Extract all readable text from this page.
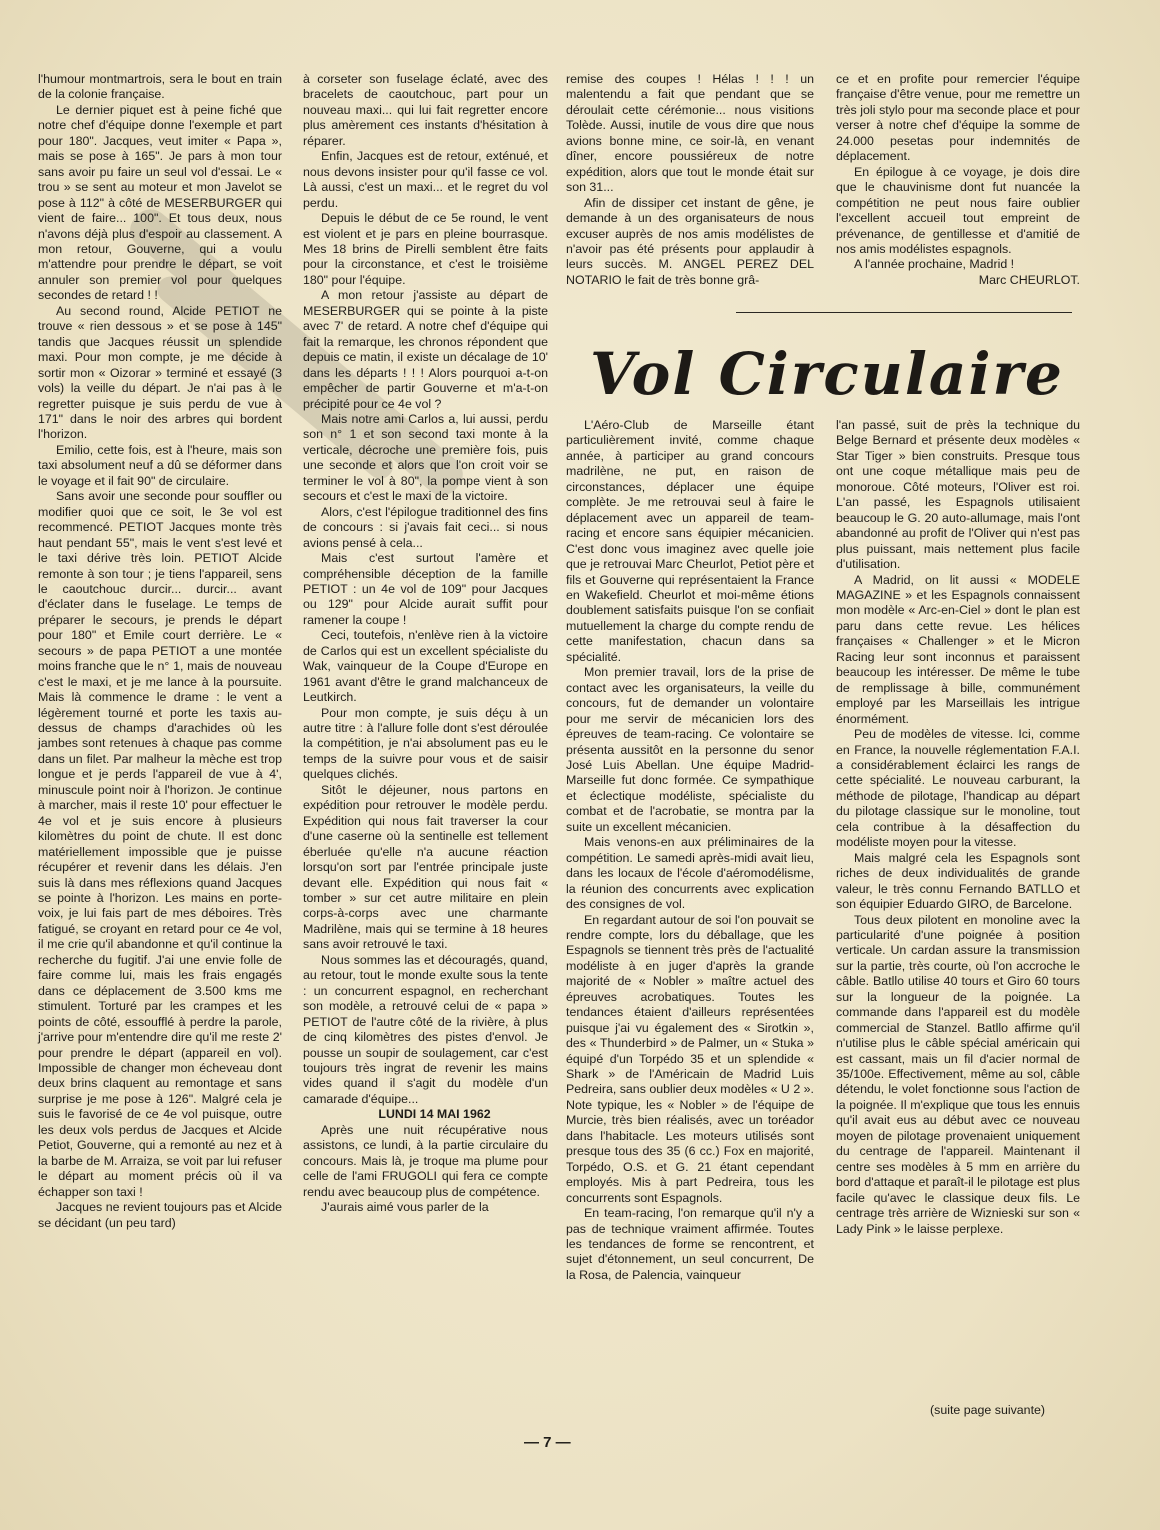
l'humour montmartrois, sera le bout en train de la colonie française.

Le dernier piquet est à peine fiché que notre chef d'équipe donne l'exemple et part pour 180". Jacques, veut imiter « Papa », mais se pose à 165". Je pars à mon tour sans avoir pu faire un seul vol d'essai. Le « trou » se sent au moteur et mon Javelot se pose à 112" à côté de MESERBURGER qui vient de faire... 100". Et tous deux, nous n'avons déjà plus d'espoir au classement. A mon retour, Gouverne, qui a voulu m'attendre pour prendre le départ, se voit annuler son premier vol pour quelques secondes de retard ! !

Au second round, Alcide PETIOT ne trouve « rien dessous » et se pose à 145" tandis que Jacques réussit un splendide maxi. Pour mon compte, je me décide à sortir mon « Oizorar » terminé et essayé (3 vols) la veille du départ. Je n'ai pas à le regretter puisque je suis perdu de vue à 171" dans le noir des arbres qui bordent l'horizon.

Emilio, cette fois, est à l'heure, mais son taxi absolument neuf a dû se déformer dans le voyage et il fait 90" de circulaire.

Sans avoir une seconde pour souffler ou modifier quoi que ce soit, le 3e vol est recommencé. PETIOT Jacques monte très haut pendant 55", mais le vent s'est levé et le taxi dérive très loin. PETIOT Alcide remonte à son tour ; je tiens l'appareil, sens le caoutchouc durcir... durcir... avant d'éclater dans le fuselage. Le temps de préparer le secours, je prends le départ pour 180" et Emile court derrière. Le « secours » de papa PETIOT a une montée moins franche que le n° 1, mais de nouveau c'est le maxi, et je me lance à la poursuite. Mais là commence le drame : le vent a légèrement tourné et porte les taxis au-dessus de champs d'arachides où les jambes sont retenues à chaque pas comme dans un filet. Par malheur la mèche est trop longue et je perds l'appareil de vue à 4', minuscule point noir à l'horizon. Je continue à marcher, mais il reste 10' pour effectuer le 4e vol et je suis encore à plusieurs kilomètres du point de chute. Il est donc matériellement impossible que je puisse récupérer et revenir dans les délais. J'en suis là dans mes réflexions quand Jacques se pointe à l'horizon. Les mains en porte-voix, je lui fais part de mes déboires. Très fatigué, se croyant en retard pour ce 4e vol, il me crie qu'il abandonne et qu'il continue la recherche du fugitif. J'ai une envie folle de faire comme lui, mais les frais engagés dans ce déplacement de 3.500 kms me stimulent. Torturé par les crampes et les points de côté, essoufflé à perdre la parole, j'arrive pour m'entendre dire qu'il me reste 2' pour prendre le départ (appareil en vol). Impossible de changer mon écheveau dont deux brins claquent au remontage et sans surprise je me pose à 126". Malgré cela je suis le favorisé de ce 4e vol puisque, outre les deux vols perdus de Jacques et Alcide Petiot, Gouverne, qui a remonté au nez et à la barbe de M. Arraiza, se voit par lui refuser le départ au moment précis où il va échapper son taxi !

Jacques ne revient toujours pas et Alcide se décidant (un peu tard)

à corseter son fuselage éclaté, avec des bracelets de caoutchouc, part pour un nouveau maxi... qui lui fait regretter encore plus amèrement ces instants d'hésitation à réparer.

Enfin, Jacques est de retour, exténué, et nous devons insister pour qu'il fasse ce vol. Là aussi, c'est un maxi... et le regret du vol perdu.

Depuis le début de ce 5e round, le vent est violent et je pars en pleine bourrasque. Mes 18 brins de Pirelli semblent être faits pour la circonstance, et c'est le troisième 180" pour l'équipe.

A mon retour j'assiste au départ de MESERBURGER qui se pointe à la piste avec 7' de retard. A notre chef d'équipe qui fait la remarque, les chronos répondent que depuis ce matin, il existe un décalage de 10' dans les départs ! ! ! Alors pourquoi a-t-on empêcher de partir Gouverne et m'a-t-on précipité pour ce 4e vol ?

Mais notre ami Carlos a, lui aussi, perdu son n° 1 et son second taxi monte à la verticale, décroche une première fois, puis une seconde et alors que l'on croit voir se terminer le vol à 80", la pompe vient à son secours et c'est le maxi de la victoire.

Alors, c'est l'épilogue traditionnel des fins de concours : si j'avais fait ceci... si nous avions pensé à cela...

Mais c'est surtout l'amère et compréhensible déception de la famille PETIOT : un 4e vol de 109" pour Jacques ou 129" pour Alcide aurait suffit pour ramener la coupe !

Ceci, toutefois, n'enlève rien à la victoire de Carlos qui est un excellent spécialiste du Wak, vainqueur de la Coupe d'Europe en 1961 avant d'être le grand malchanceux de Leutkirch.

Pour mon compte, je suis déçu à un autre titre : à l'allure folle dont s'est déroulée la compétition, je n'ai absolument pas eu le temps de la suivre pour vous et de saisir quelques clichés.

Sitôt le déjeuner, nous partons en expédition pour retrouver le modèle perdu. Expédition qui nous fait traverser la cour d'une caserne où la sentinelle est tellement éberluée qu'elle n'a aucune réaction lorsqu'on sort par l'entrée principale juste devant elle. Expédition qui nous fait « tomber » sur cet autre militaire en plein corps-à-corps avec une charmante Madrilène, mais qui se termine à 18 heures sans avoir retrouvé le taxi.

Nous sommes las et découragés, quand, au retour, tout le monde exulte sous la tente : un concurrent espagnol, en recherchant son modèle, a retrouvé celui de « papa » PETIOT de l'autre côté de la rivière, à plus de cinq kilomètres des pistes d'envol. Je pousse un soupir de soulagement, car c'est toujours très ingrat de revenir les mains vides quand il s'agit du modèle d'un camarade d'équipe...

LUNDI 14 MAI 1962

Après une nuit récupérative nous assistons, ce lundi, à la partie circulaire du concours. Mais là, je troque ma plume pour celle de l'ami FRUGOLI qui fera ce compte rendu avec beaucoup plus de compétence.

J'aurais aimé vous parler de la

remise des coupes ! Hélas ! ! ! un malentendu a fait que pendant que se déroulait cette cérémonie... nous visitions Tolède. Aussi, inutile de vous dire que nous avions bonne mine, ce soir-là, en venant dîner, encore poussiéreux de notre expédition, alors que tout le monde était sur son 31...

Afin de dissiper cet instant de gêne, je demande à un des organisateurs de nous excuser auprès de nos amis modélistes de n'avoir pas été présents pour applaudir à leurs succès. M. ANGEL PEREZ DEL NOTARIO le fait de très bonne grâ-

ce et en profite pour remercier l'équipe française d'être venue, pour me remettre un très joli stylo pour ma seconde place et pour verser à notre chef d'équipe la somme de 24.000 pesetas pour indemnités de déplacement.

En épilogue à ce voyage, je dois dire que le chauvinisme dont fut nuancée la compétition ne peut nous faire oublier l'excellent accueil tout empreint de prévenance, de gentillesse et d'amitié de nos amis modélistes espagnols.

A l'année prochaine, Madrid !

Marc CHEURLOT.

Vol Circulaire

L'Aéro-Club de Marseille étant particulièrement invité, comme chaque année, à participer au grand concours madrilène, ne put, en raison de circonstances, déplacer une équipe complète. Je me retrouvai seul à faire le déplacement avec un appareil de team-racing et encore sans équipier mécanicien. C'est donc vous imaginez avec quelle joie que je retrouvai Marc Cheurlot, Petiot père et fils et Gouverne qui représentaient la France en Wakefield. Cheurlot et moi-même étions doublement satisfaits puisque l'on se confiait mutuellement la charge du compte rendu de cette manifestation, chacun dans sa spécialité.

Mon premier travail, lors de la prise de contact avec les organisateurs, la veille du concours, fut de demander un volontaire pour me servir de mécanicien lors des épreuves de team-racing. Ce volontaire se présenta aussitôt en la personne du senor José Luis Abellan. Une équipe Madrid-Marseille fut donc formée. Ce sympathique et éclectique modéliste, spécialiste du combat et de l'acrobatie, se montra par la suite un excellent mécanicien.

Mais venons-en aux préliminaires de la compétition. Le samedi après-midi avait lieu, dans les locaux de l'école d'aéromodélisme, la réunion des concurrents avec explication des consignes de vol.

En regardant autour de soi l'on pouvait se rendre compte, lors du déballage, que les Espagnols se tiennent très près de l'actualité modéliste à en juger d'après la grande majorité de « Nobler » maître actuel des épreuves acrobatiques. Toutes les tendances étaient d'ailleurs représentées puisque j'ai vu également des « Sirotkin », des « Thunderbird » de Palmer, un « Stuka » équipé d'un Torpédo 35 et un splendide « Shark » de l'Américain de Madrid Luis Pedreira, sans oublier deux modèles « U 2 ». Note typique, les « Nobler » de l'équipe de Murcie, très bien réalisés, avec un toréador dans l'habitacle. Les moteurs utilisés sont presque tous des 35 (6 cc.) Fox en majorité, Torpédo, O.S. et G. 21 étant cependant employés. Mis à part Pedreira, tous les concurrents sont Espagnols.

En team-racing, l'on remarque qu'il n'y a pas de technique vraiment affirmée. Toutes les tendances de forme se rencontrent, et sujet d'étonnement, un seul concurrent, De la Rosa, de Palencia, vainqueur

l'an passé, suit de près la technique du Belge Bernard et présente deux modèles « Star Tiger » bien construits. Presque tous ont une coque métallique mais peu de monoroue. Côté moteurs, l'Oliver est roi. L'an passé, les Espagnols utilisaient beaucoup le G. 20 auto-allumage, mais l'ont abandonné au profit de l'Oliver qui n'est pas plus puissant, mais nettement plus facile d'utilisation.

A Madrid, on lit aussi « MODELE MAGAZINE » et les Espagnols connaissent mon modèle « Arc-en-Ciel » dont le plan est paru dans cette revue. Les hélices françaises « Challenger » et le Micron Racing leur sont inconnus et paraissent beaucoup les intéresser. De même le tube de remplissage à bille, communément employé par les Marseillais les intrigue énormément.

Peu de modèles de vitesse. Ici, comme en France, la nouvelle réglementation F.A.I. a considérablement éclairci les rangs de cette spécialité. Le nouveau carburant, la méthode de pilotage, l'handicap au départ du pilotage classique sur le monoline, tout cela contribue à la désaffection du modéliste moyen pour la vitesse.

Mais malgré cela les Espagnols sont riches de deux individualités de grande valeur, le très connu Fernando BATLLO et son équipier Eduardo GIRO, de Barcelone.

Tous deux pilotent en monoline avec la particularité d'une poignée à position verticale. Un cardan assure la transmission sur la partie, très courte, où l'on accroche le câble. Batllo utilise 40 tours et Giro 60 tours sur la longueur de la poignée. La commande dans l'appareil est du modèle commercial de Stanzel. Batllo affirme qu'il n'utilise plus le câble spécial américain qui est cassant, mais un fil d'acier normal de 35/100e. Effectivement, même au sol, câble détendu, le volet fonctionne sous l'action de la poignée. Il m'explique que tous les ennuis qu'il avait eus au début avec ce nouveau moyen de pilotage provenaient uniquement du centrage de l'appareil. Maintenant il centre ses modèles à 5 mm en arrière du bord d'attaque et paraît-il le pilotage est plus facile qu'avec le classique deux fils. Le centrage très arrière de Wiznieski sur son « Lady Pink » le laisse perplexe.

(suite page suivante)
— 7 —
